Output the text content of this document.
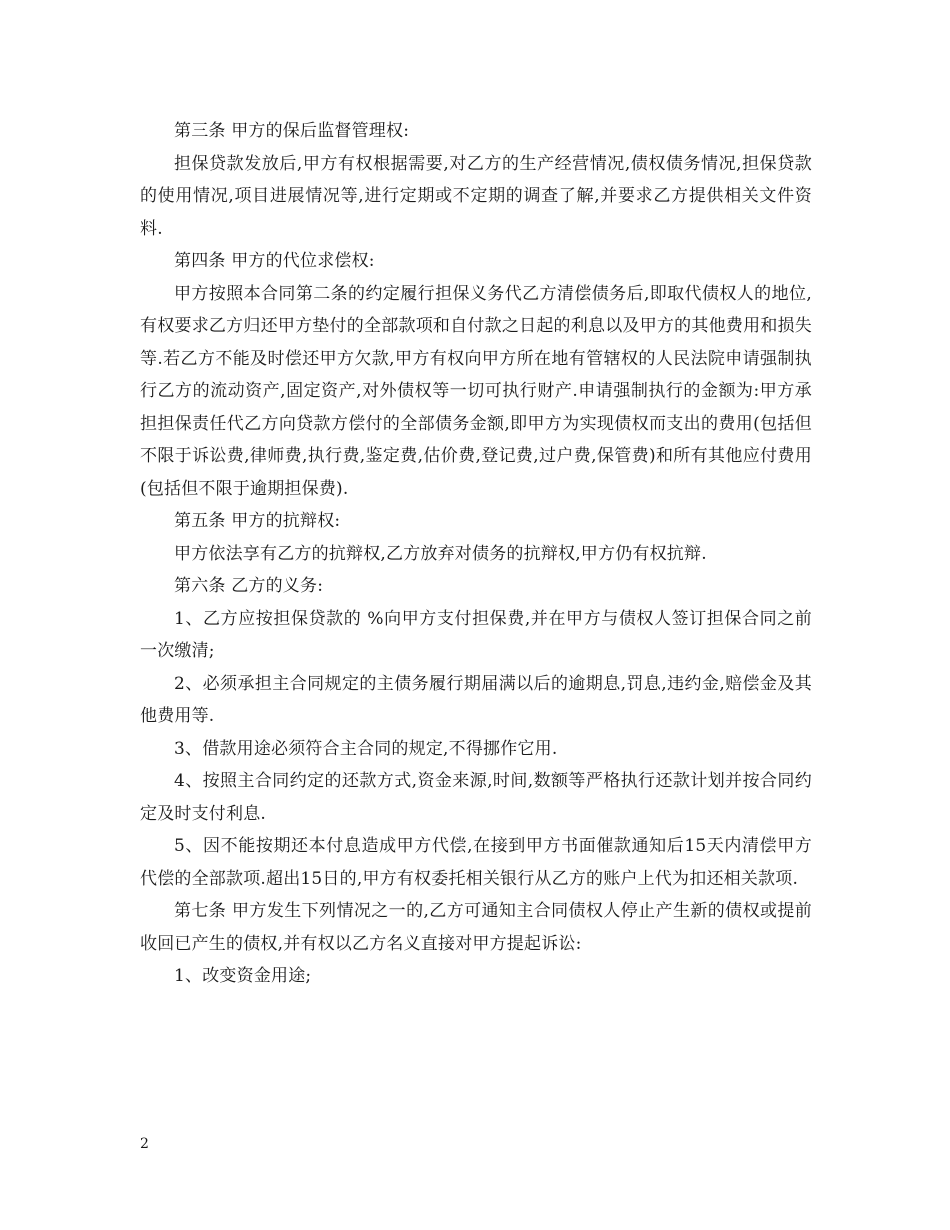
第三条 甲方的保后监督管理权:

担保贷款发放后,甲方有权根据需要,对乙方的生产经营情况,债权债务情况,担保贷款的使用情况,项目进展情况等,进行定期或不定期的调查了解,并要求乙方提供相关文件资料.

第四条 甲方的代位求偿权:

甲方按照本合同第二条的约定履行担保义务代乙方清偿债务后,即取代债权人的地位,有权要求乙方归还甲方垫付的全部款项和自付款之日起的利息以及甲方的其他费用和损失等.若乙方不能及时偿还甲方欠款,甲方有权向甲方所在地有管辖权的人民法院申请强制执行乙方的流动资产,固定资产,对外债权等一切可执行财产.申请强制执行的金额为:甲方承担担保责任代乙方向贷款方偿付的全部债务金额,即甲方为实现债权而支出的费用(包括但不限于诉讼费,律师费,执行费,鉴定费,估价费,登记费,过户费,保管费)和所有其他应付费用(包括但不限于逾期担保费).

第五条 甲方的抗辩权:

甲方依法享有乙方的抗辩权,乙方放弃对债务的抗辩权,甲方仍有权抗辩.

第六条 乙方的义务:

1、乙方应按担保贷款的 %向甲方支付担保费,并在甲方与债权人签订担保合同之前一次缴清;

2、必须承担主合同规定的主债务履行期届满以后的逾期息,罚息,违约金,赔偿金及其他费用等.

3、借款用途必须符合主合同的规定,不得挪作它用.

4、按照主合同约定的还款方式,资金来源,时间,数额等严格执行还款计划并按合同约定及时支付利息.

5、因不能按期还本付息造成甲方代偿,在接到甲方书面催款通知后15天内清偿甲方代偿的全部款项.超出15日的,甲方有权委托相关银行从乙方的账户上代为扣还相关款项.

第七条 甲方发生下列情况之一的,乙方可通知主合同债权人停止产生新的债权或提前收回已产生的债权,并有权以乙方名义直接对甲方提起诉讼:

1、改变资金用途;

2
